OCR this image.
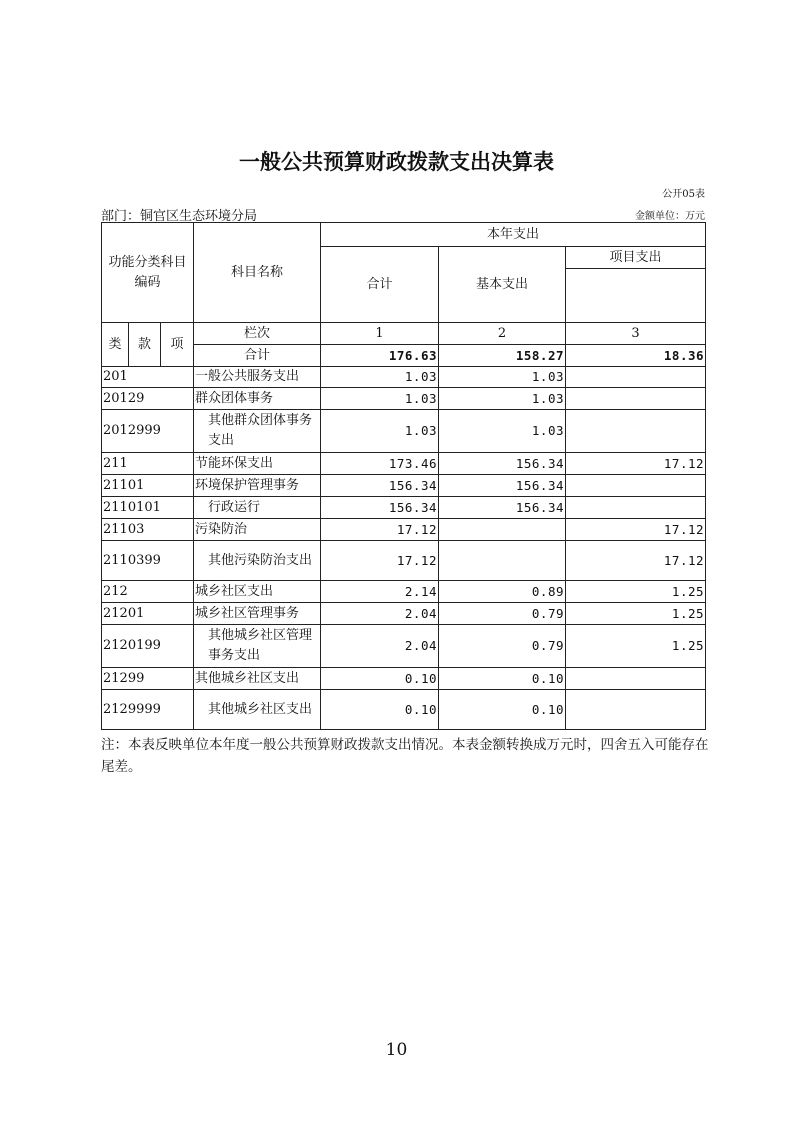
一般公共预算财政拨款支出决算表
公开05表
部门：铜官区生态环境分局	金额单位：万元
功能分类科目编码			科目名称	本年支出		
				合计	基本支出	项目支出

类	款	项	栏次	1	2	3
			合计	176.63	158.27	18.36
201			一般公共服务支出	1.03	1.03	
20129			群众团体事务	1.03	1.03	
2012999			其他群众团体事务支出	1.03	1.03	
211			节能环保支出	173.46	156.34	17.12
21101			环境保护管理事务	156.34	156.34	
2110101			行政运行	156.34	156.34	
21103			污染防治	17.12		17.12
2110399			其他污染防治支出	17.12		17.12
212			城乡社区支出	2.14	0.89	1.25
21201			城乡社区管理事务	2.04	0.79	1.25
2120199			其他城乡社区管理事务支出	2.04	0.79	1.25
21299			其他城乡社区支出	0.10	0.10	
2129999			其他城乡社区支出	0.10	0.10	
注：本表反映单位本年度一般公共预算财政拨款支出情况。本表金额转换成万元时，四舍五入可能存在尾差。
10
